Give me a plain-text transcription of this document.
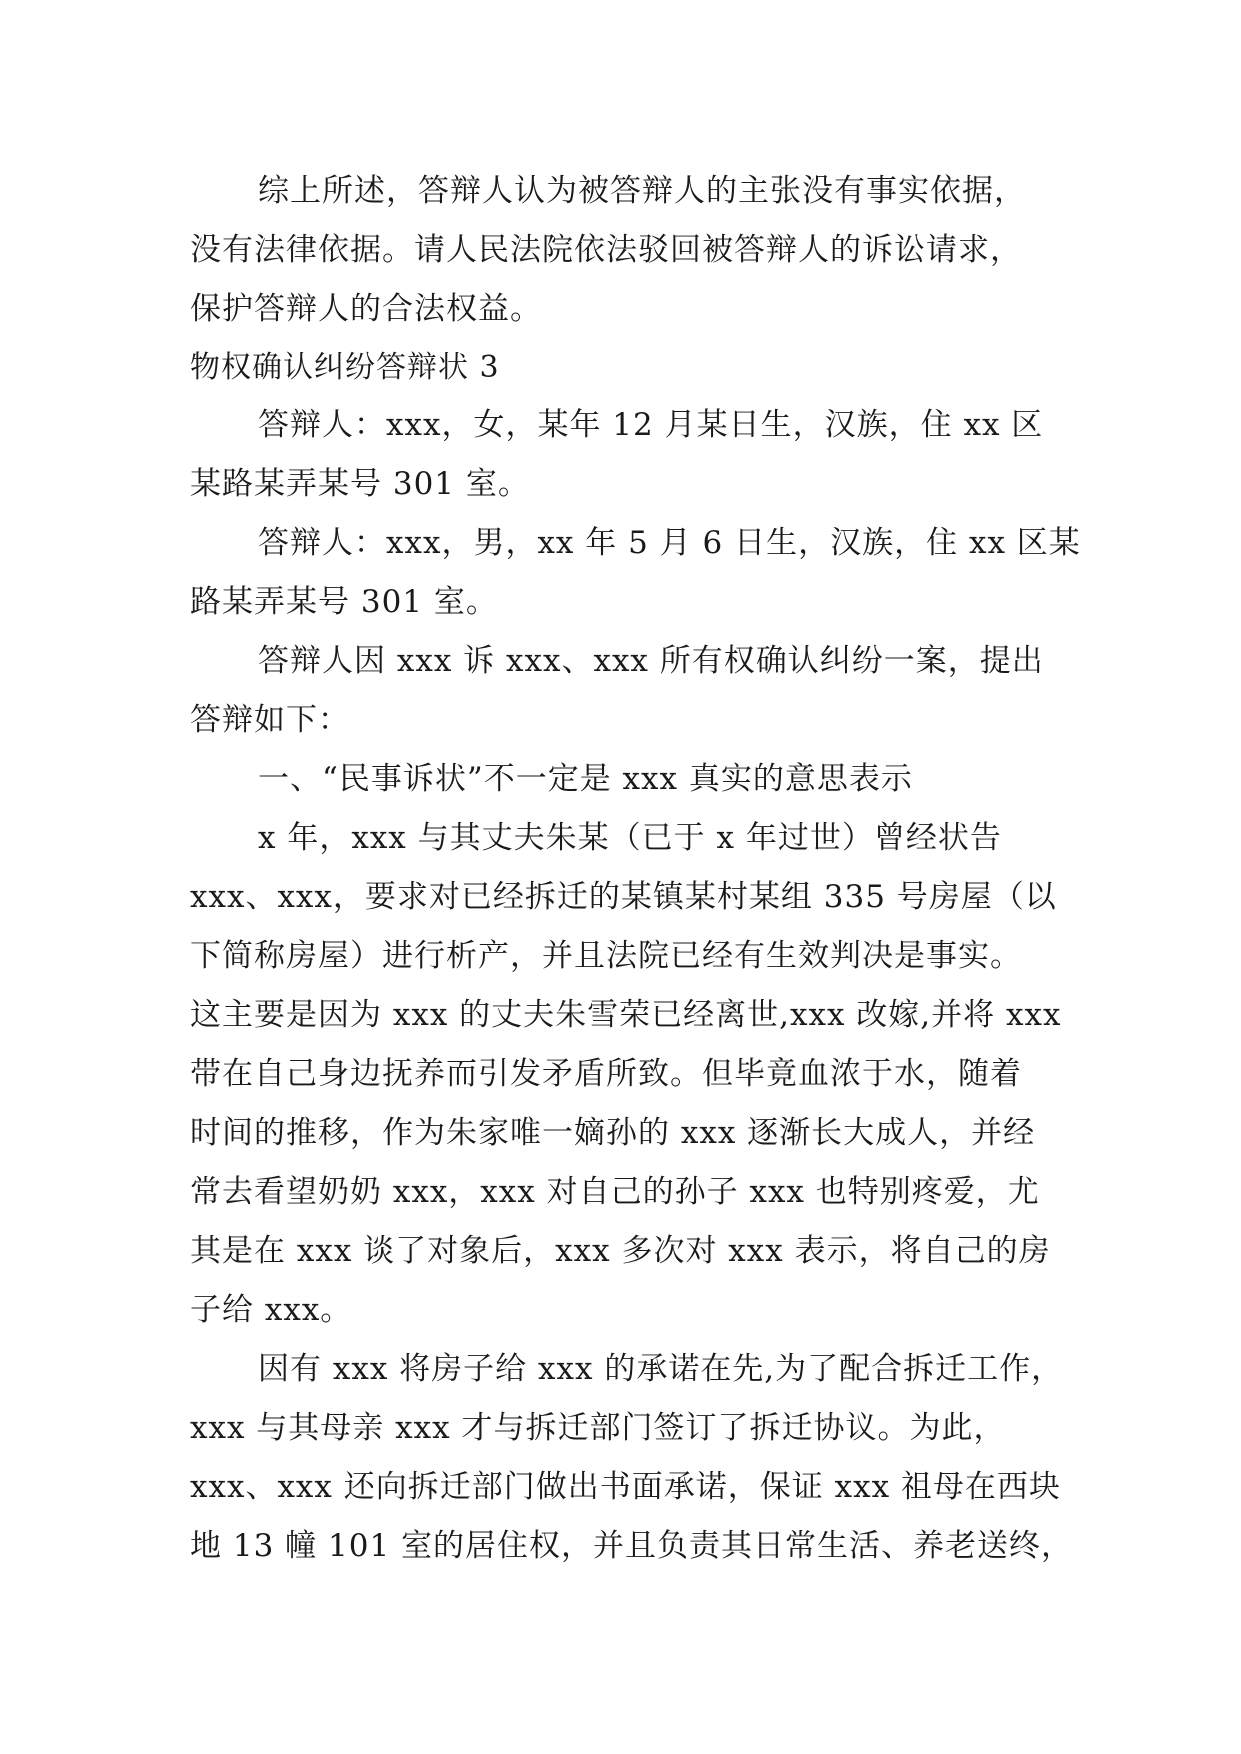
综上所述，答辩人认为被答辩人的主张没有事实依据，
没有法律依据。请人民法院依法驳回被答辩人的诉讼请求，
保护答辩人的合法权益。
物权确认纠纷答辩状 3
答辩人：xxx，女，某年 12 月某日生，汉族，住 xx 区
某路某弄某号 301 室。
答辩人：xxx，男，xx 年 5 月 6 日生，汉族，住 xx 区某
路某弄某号 301 室。
答辩人因 xxx 诉 xxx、xxx 所有权确认纠纷一案，提出
答辩如下：
一、“民事诉状”不一定是 xxx 真实的意思表示
x 年，xxx 与其丈夫朱某（已于 x 年过世）曾经状告
xxx、xxx，要求对已经拆迁的某镇某村某组 335 号房屋（以
下简称房屋）进行析产，并且法院已经有生效判决是事实。
这主要是因为 xxx 的丈夫朱雪荣已经离世,xxx 改嫁,并将 xxx
带在自己身边抚养而引发矛盾所致。但毕竟血浓于水，随着
时间的推移，作为朱家唯一嫡孙的 xxx 逐渐长大成人，并经
常去看望奶奶 xxx，xxx 对自己的孙子 xxx 也特别疼爱，尤
其是在 xxx 谈了对象后，xxx 多次对 xxx 表示，将自己的房
子给 xxx。
因有 xxx 将房子给 xxx 的承诺在先,为了配合拆迁工作，
xxx 与其母亲 xxx 才与拆迁部门签订了拆迁协议。为此，
xxx、xxx 还向拆迁部门做出书面承诺，保证 xxx 祖母在西块
地 13 幢 101 室的居住权，并且负责其日常生活、养老送终，
